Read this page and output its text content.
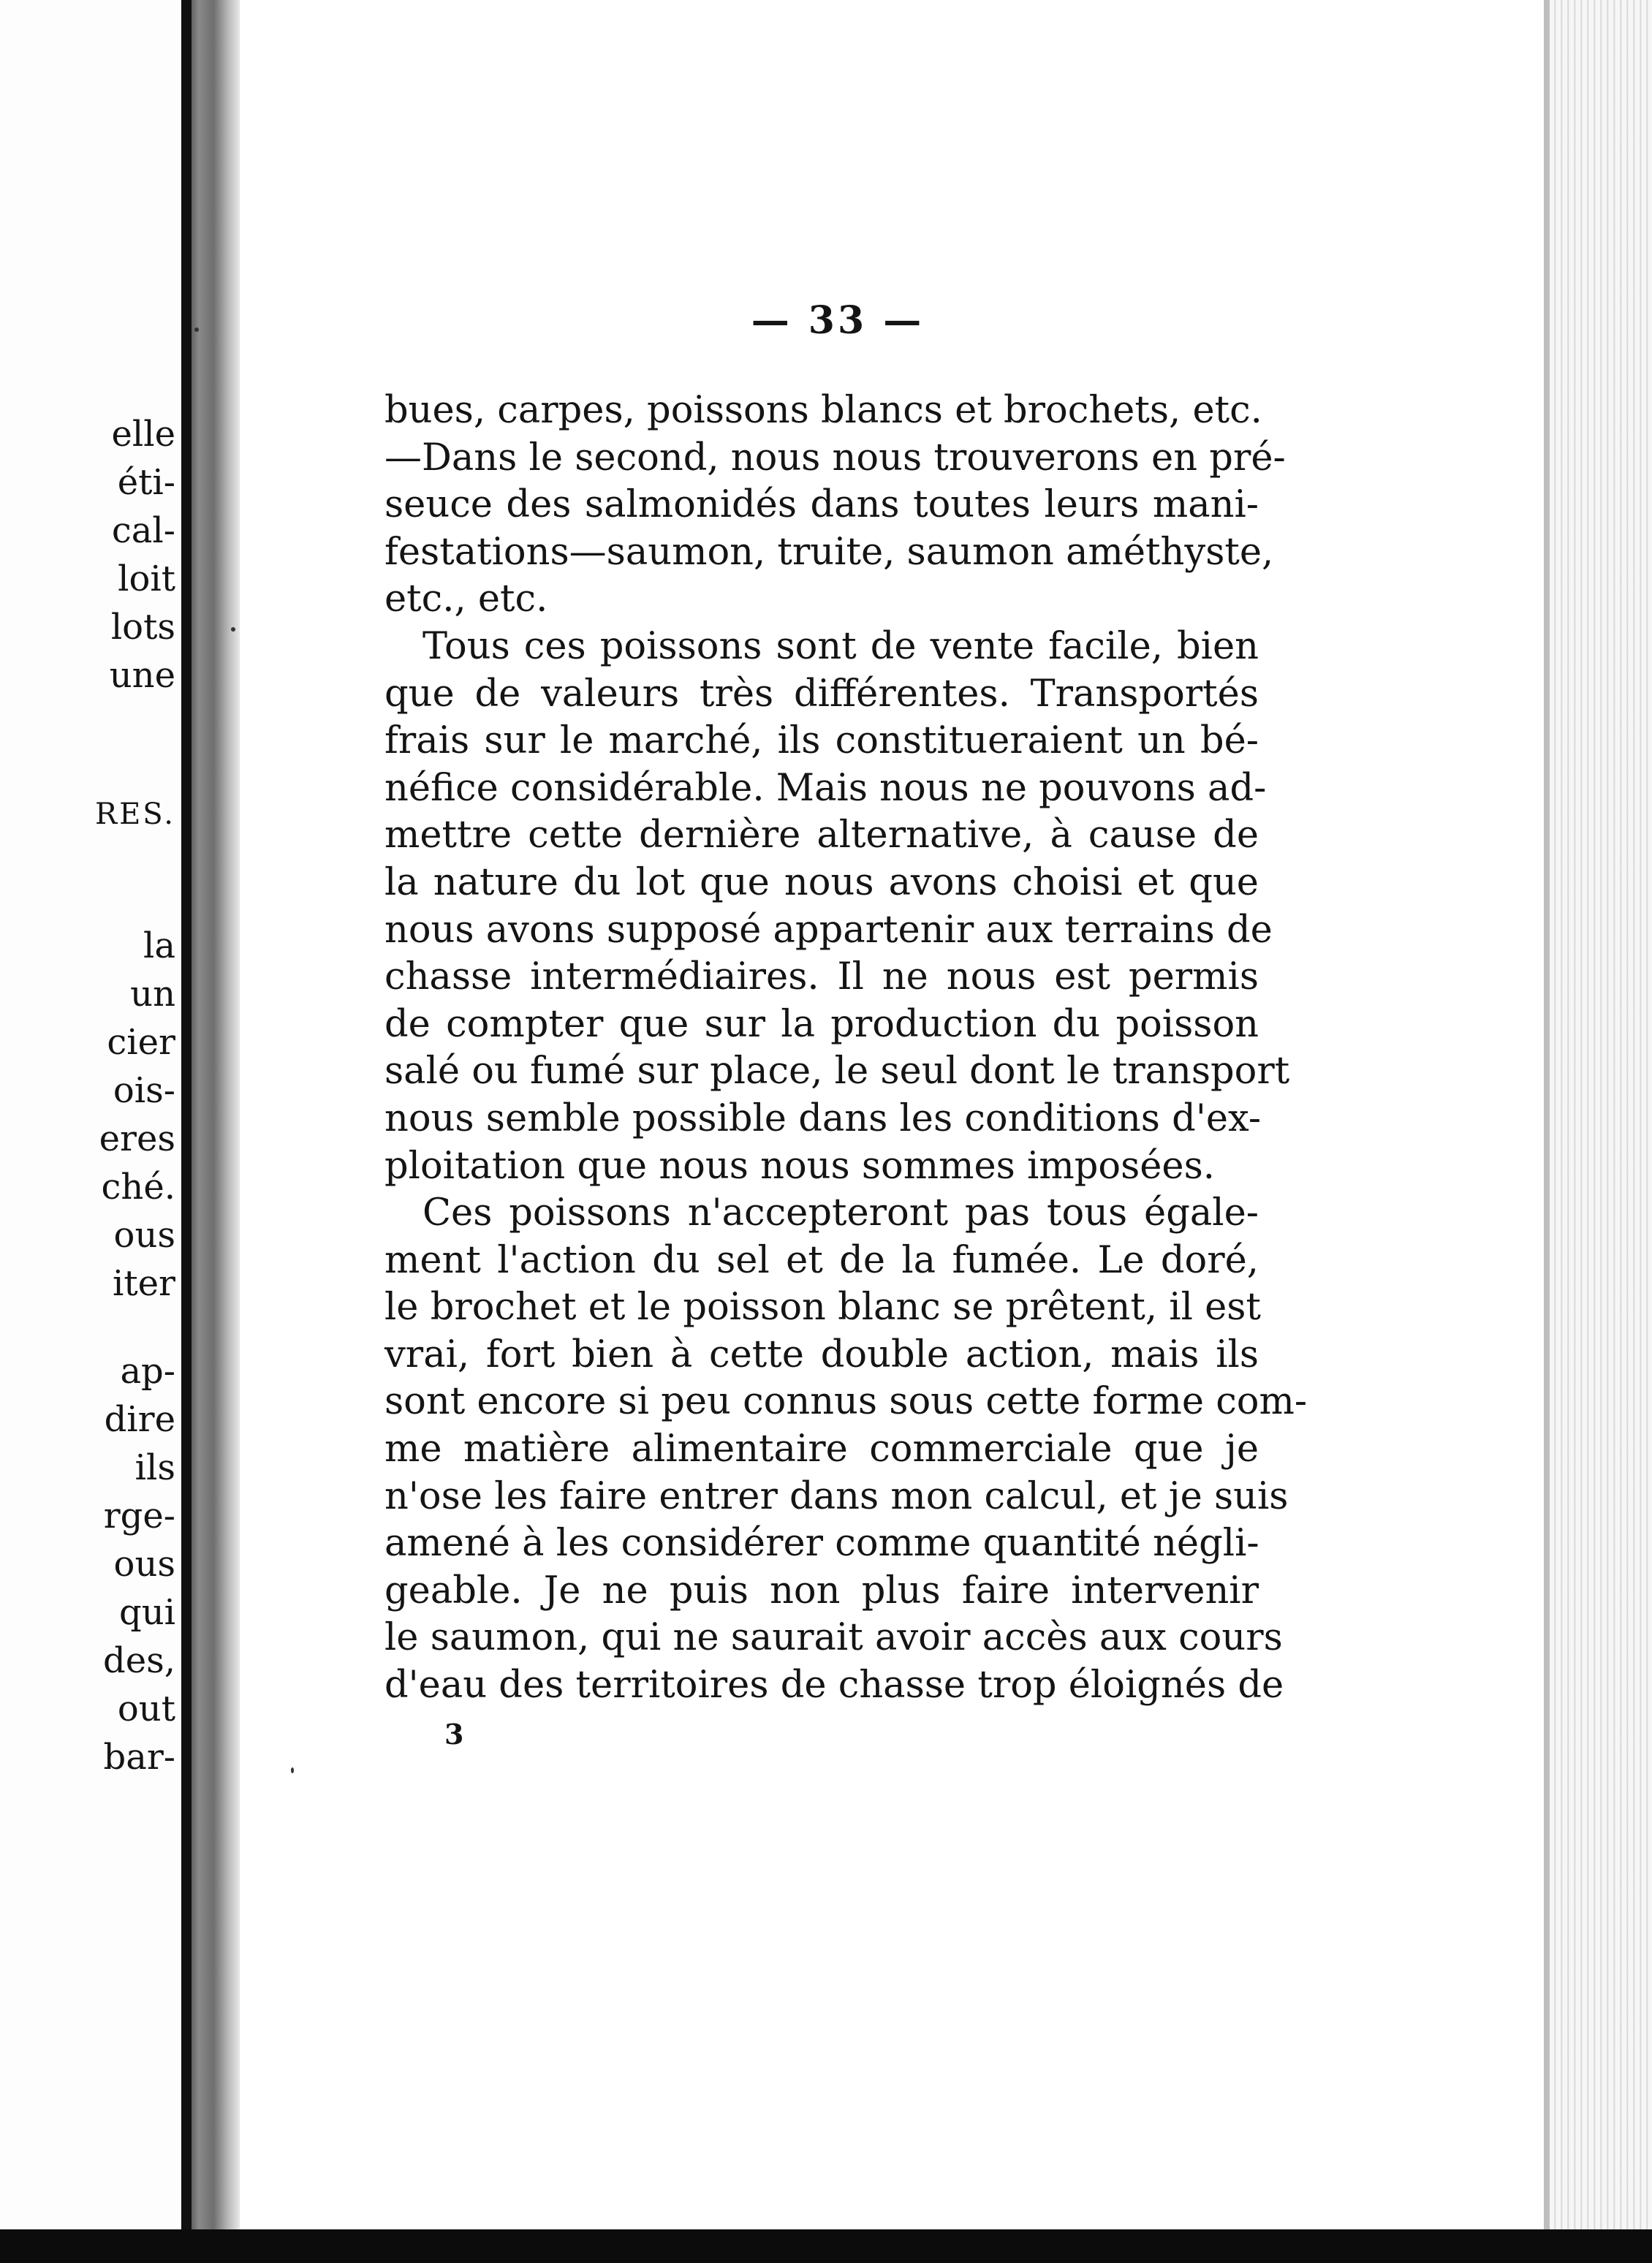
elle
éti-
cal-
loit
lots
une
RES.
la
un
cier
ois-
eres
ché.
ous
iter
ap-
dire
ils
rge-
ous
qui
des,
out
bar-
— 33 —
bues, carpes, poissons blancs et brochets, etc.
—Dans le second, nous nous trouverons en pré-
seuce des salmonidés dans toutes leurs mani-
festations—saumon, truite, saumon améthyste,
etc., etc.
Tous ces poissons sont de vente facile, bien
que de valeurs très différentes. Transportés
frais sur le marché, ils constitueraient un bé-
néfice considérable. Mais nous ne pouvons ad-
mettre cette dernière alternative, à cause de
la nature du lot que nous avons choisi et que
nous avons supposé appartenir aux terrains de
chasse intermédiaires. Il ne nous est permis
de compter que sur la production du poisson
salé ou fumé sur place, le seul dont le transport
nous semble possible dans les conditions d'ex-
ploitation que nous nous sommes imposées.
Ces poissons n'accepteront pas tous égale-
ment l'action du sel et de la fumée. Le doré,
le brochet et le poisson blanc se prêtent, il est
vrai, fort bien à cette double action, mais ils
sont encore si peu connus sous cette forme com-
me matière alimentaire commerciale que je
n'ose les faire entrer dans mon calcul, et je suis
amené à les considérer comme quantité négli-
geable. Je ne puis non plus faire intervenir
le saumon, qui ne saurait avoir accès aux cours
d'eau des territoires de chasse trop éloignés de
3
